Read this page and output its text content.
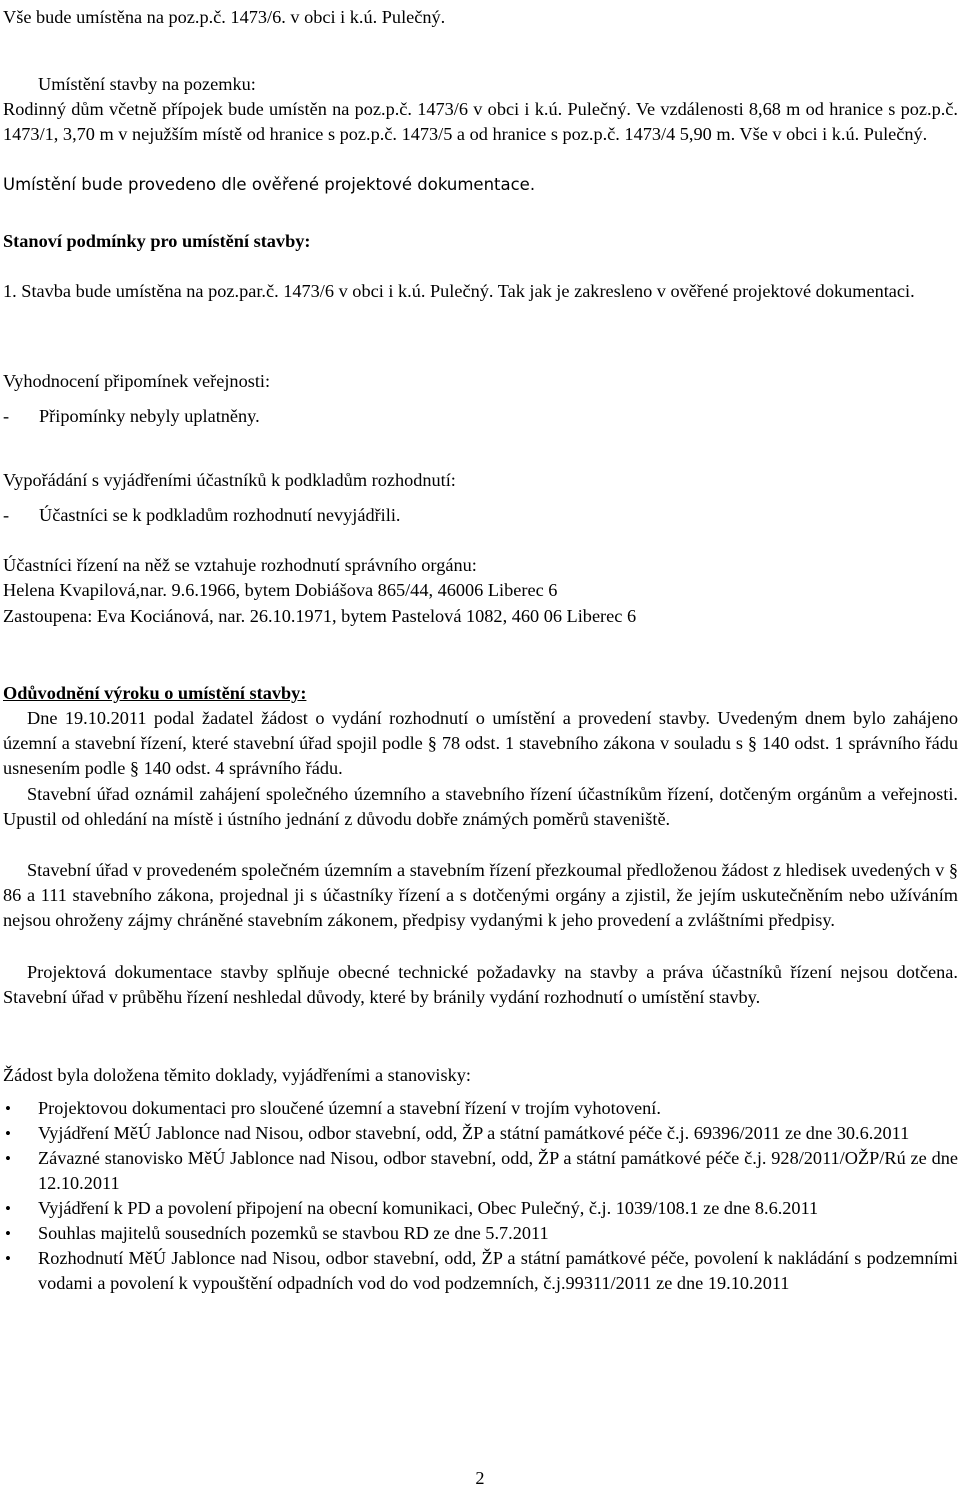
Vše bude umístěna na poz.p.č. 1473/6. v obci i k.ú. Pulečný.
Umístění stavby na pozemku:

Rodinný dům včetně přípojek bude umístěn na poz.p.č. 1473/6 v obci i k.ú. Pulečný. Ve vzdálenosti 8,68 m od hranice s poz.p.č. 1473/1, 3,70 m v nejužším místě od hranice s poz.p.č. 1473/5 a od hranice s poz.p.č. 1473/4 5,90 m. Vše v obci i k.ú. Pulečný.

Umístění bude provedeno dle ověřené projektové dokumentace.
Stanoví podmínky pro umístění stavby:

1. Stavba bude umístěna na poz.par.č. 1473/6 v obci i k.ú. Pulečný. Tak jak je zakresleno v ověřené projektové dokumentaci.

Vyhodnocení připomínek veřejnosti:
- Připomínky nebyly uplatněny.
Vypořádání s vyjádřeními účastníků k podkladům rozhodnutí:
- Účastníci se k podkladům rozhodnutí nevyjádřili.
Účastníci řízení na něž se vztahuje rozhodnutí správního orgánu:
Helena Kvapilová,nar. 9.6.1966, bytem Dobiášova 865/44, 46006 Liberec 6
Zastoupena: Eva Kociánová, nar. 26.10.1971, bytem Pastelová 1082, 460 06 Liberec 6
Odůvodnění výroku o umístění stavby:

Dne 19.10.2011 podal žadatel žádost o vydání rozhodnutí o umístění a provedení stavby. Uvedeným dnem bylo zahájeno územní a stavební řízení, které stavební úřad spojil podle § 78 odst. 1 stavebního zákona v souladu s § 140 odst. 1 správního řádu usnesením podle § 140 odst. 4 správního řádu.

Stavební úřad oznámil zahájení společného územního a stavebního řízení účastníkům řízení, dotčeným orgánům a veřejnosti. Upustil od ohledání na místě i ústního jednání z důvodu dobře známých poměrů staveniště.

Stavební úřad v provedeném společném územním a stavebním řízení přezkoumal předloženou žádost z hledisek uvedených v § 86 a 111 stavebního zákona, projednal ji s účastníky řízení a s dotčenými orgány a zjistil, že jejím uskutečněním nebo užíváním nejsou ohroženy zájmy chráněné stavebním zákonem, předpisy vydanými k jeho provedení a zvláštními předpisy.

Projektová dokumentace stavby splňuje obecné technické požadavky na stavby a práva účastníků řízení nejsou dotčena. Stavební úřad v průběhu řízení neshledal důvody, které by bránily vydání rozhodnutí o umístění stavby.

Žádost byla doložena těmito doklady, vyjádřeními a stanovisky:
• Projektovou dokumentaci pro sloučené územní a stavební řízení v trojím vyhotovení.
• Vyjádření MěÚ Jablonce nad Nisou, odbor stavební, odd, ŽP a státní památkové péče č.j. 69396/2011 ze dne 30.6.2011
• Závazné stanovisko MěÚ Jablonce nad Nisou, odbor stavební, odd, ŽP a státní památkové péče č.j. 928/2011/OŽP/Rú ze dne 12.10.2011
• Vyjádření k PD a povolení připojení na obecní komunikaci, Obec Pulečný, č.j. 1039/108.1 ze dne 8.6.2011
• Souhlas majitelů sousedních pozemků se stavbou RD ze dne 5.7.2011
• Rozhodnutí MěÚ Jablonce nad Nisou, odbor stavební, odd, ŽP a státní památkové péče, povolení k nakládání s podzemními vodami a povolení k vypouštění odpadních vod do vod podzemních, č.j.99311/2011 ze dne 19.10.2011
2
